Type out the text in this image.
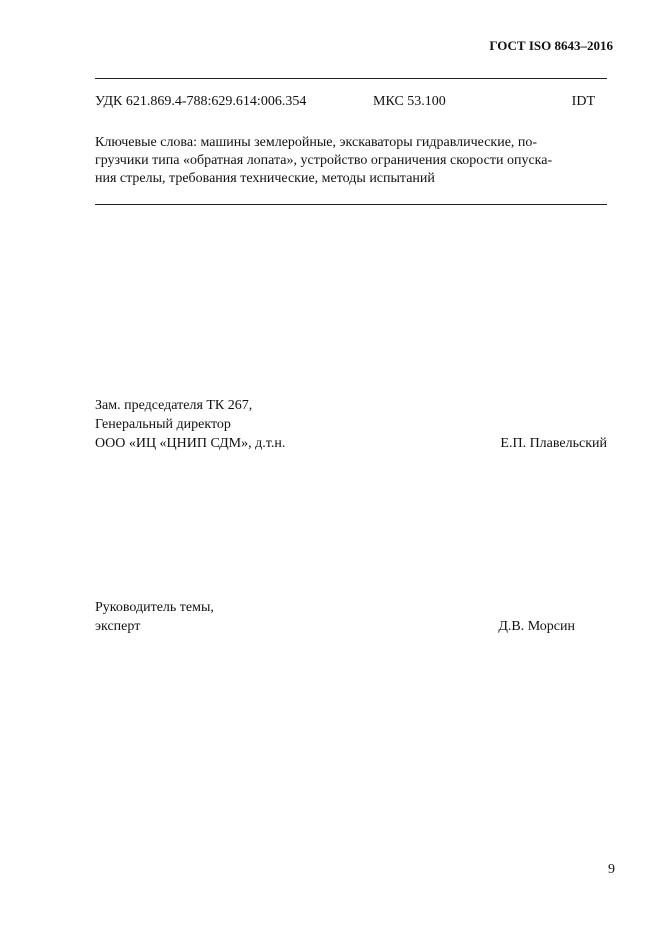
ГОСТ ISO 8643–2016
УДК 621.869.4-788:629.614:006.354	МКС 53.100	IDT
Ключевые слова: машины землеройные, экскаваторы гидравлические, по-
грузчики типа «обратная лопата», устройство ограничения скорости опуска-
ния стрелы, требования технические, методы испытаний
Зам. председателя ТК 267,
Генеральный директор
ООО «ИЦ «ЦНИП СДМ», д.т.н.	Е.П. Плавельский
Руководитель темы,
эксперт	Д.В. Морсин
9
